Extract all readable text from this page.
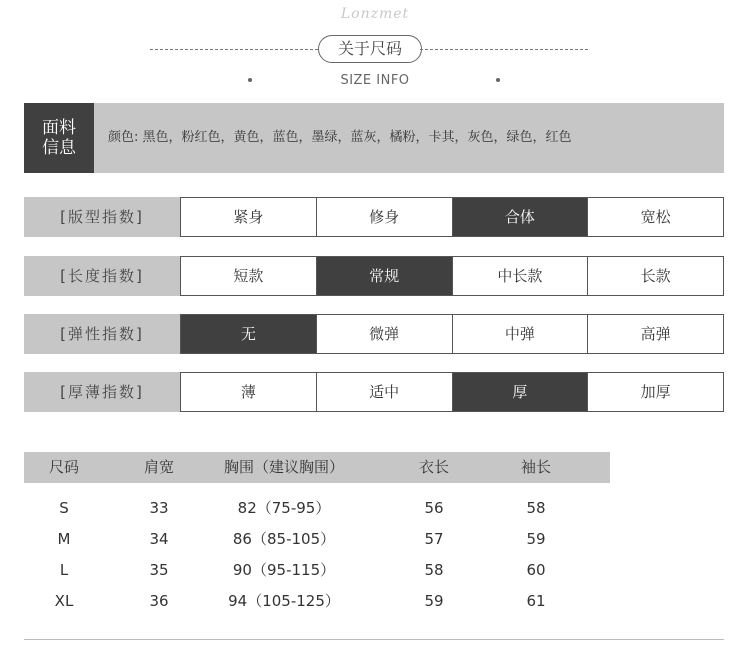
Lonzmet
关于尺码
SIZE INFO
面料
信息
颜色: 黑色，粉红色，黄色，蓝色，墨绿，蓝灰，橘粉，卡其，灰色，绿色，红色
[版型指数]	紧身	修身	合体	宽松
[长度指数]	短款	常规	中长款	长款
[弹性指数]	无	微弹	中弹	高弹
[厚薄指数]	薄	适中	厚	加厚
尺码	肩宽	胸围（建议胸围）	衣长	袖长
S	33	82（75-95）	56	58
M	34	86（85-105）	57	59
L	35	90（95-115）	58	60
XL	36	94（105-125）	59	61
